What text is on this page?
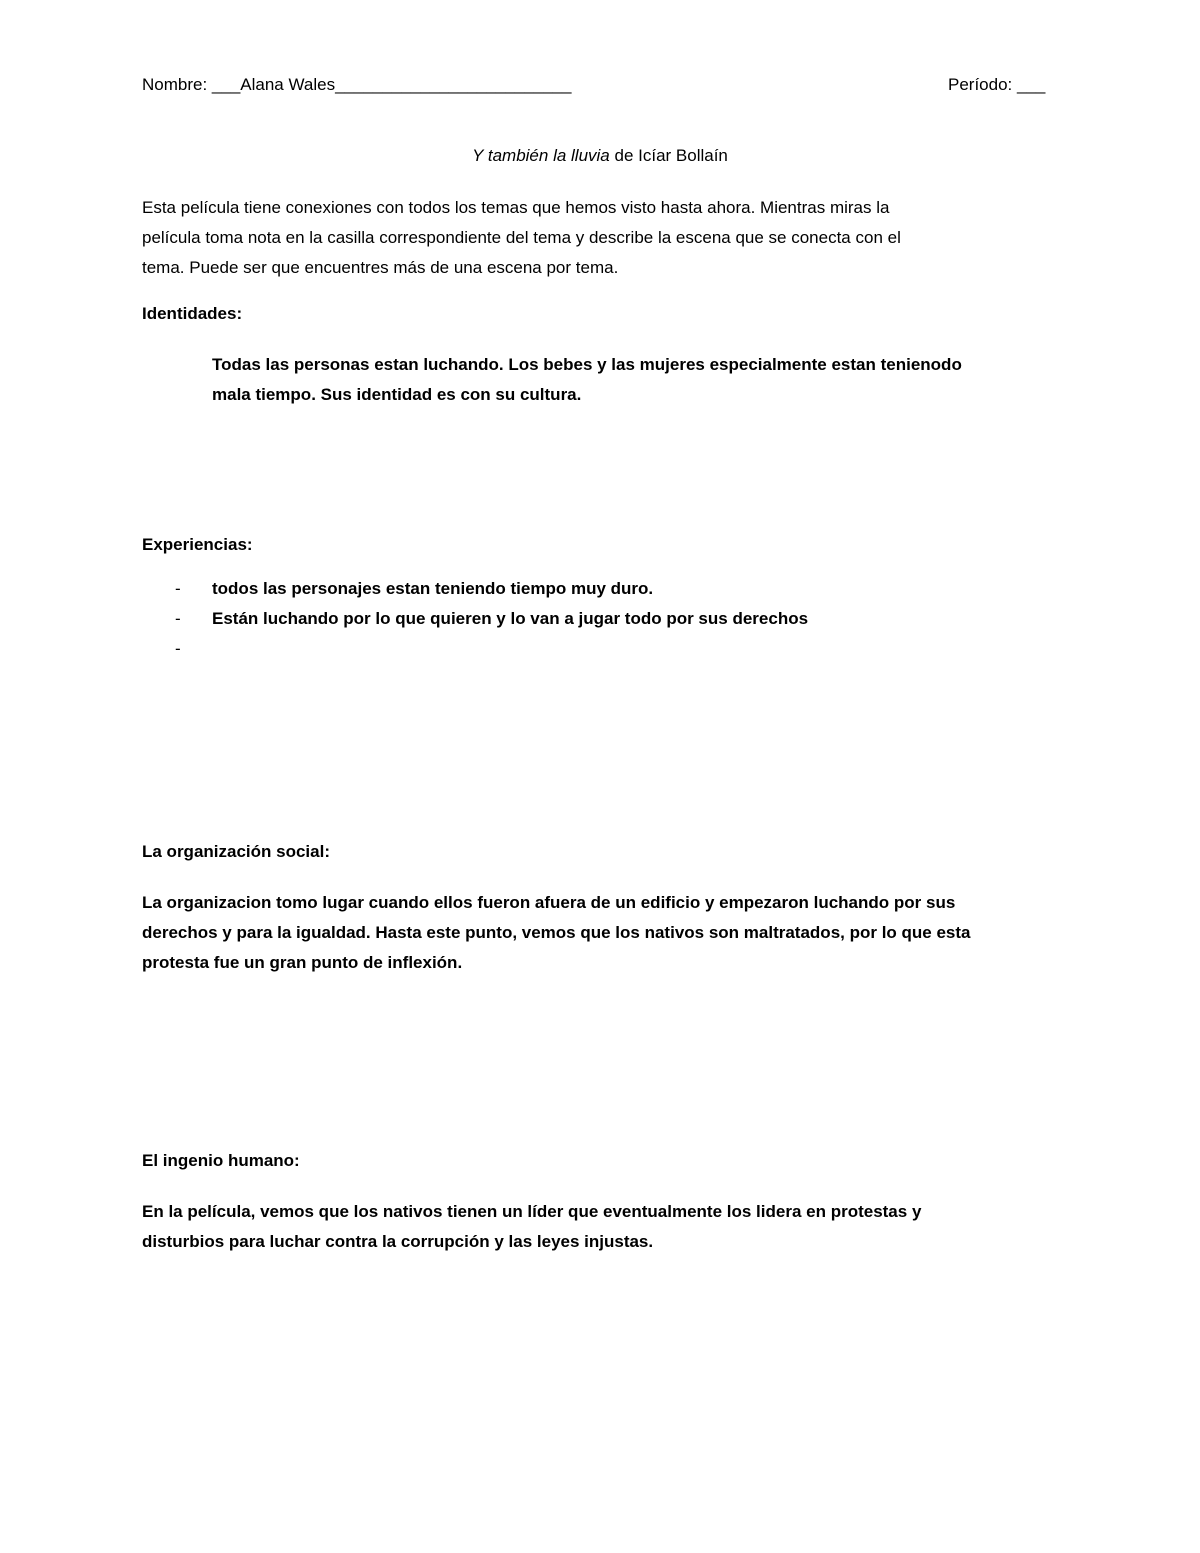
Nombre: ___Alana Wales_________________________	Período: ___

Y también la lluvia de Icíar Bollaín

Esta película tiene conexiones con todos los temas que hemos visto hasta ahora. Mientras miras la
película toma nota en la casilla correspondiente del tema y describe la escena que se conecta con el
tema. Puede ser que encuentres más de una escena por tema.

Identidades:

Todas las personas estan luchando. Los bebes y las mujeres especialmente estan tenienodo
mala tiempo. Sus identidad es con su cultura.

Experiencias:

- todos las personajes estan teniendo tiempo muy duro.
- Están luchando por lo que quieren y lo van a jugar todo por sus derechos
-

La organización social:

La organizacion tomo lugar cuando ellos fueron afuera de un edificio y empezaron luchando por sus
derechos y para la igualdad. Hasta este punto, vemos que los nativos son maltratados, por lo que esta
protesta fue un gran punto de inflexión.

El ingenio humano:

En la película, vemos que los nativos tienen un líder que eventualmente los lidera en protestas y
disturbios para luchar contra la corrupción y las leyes injustas.
